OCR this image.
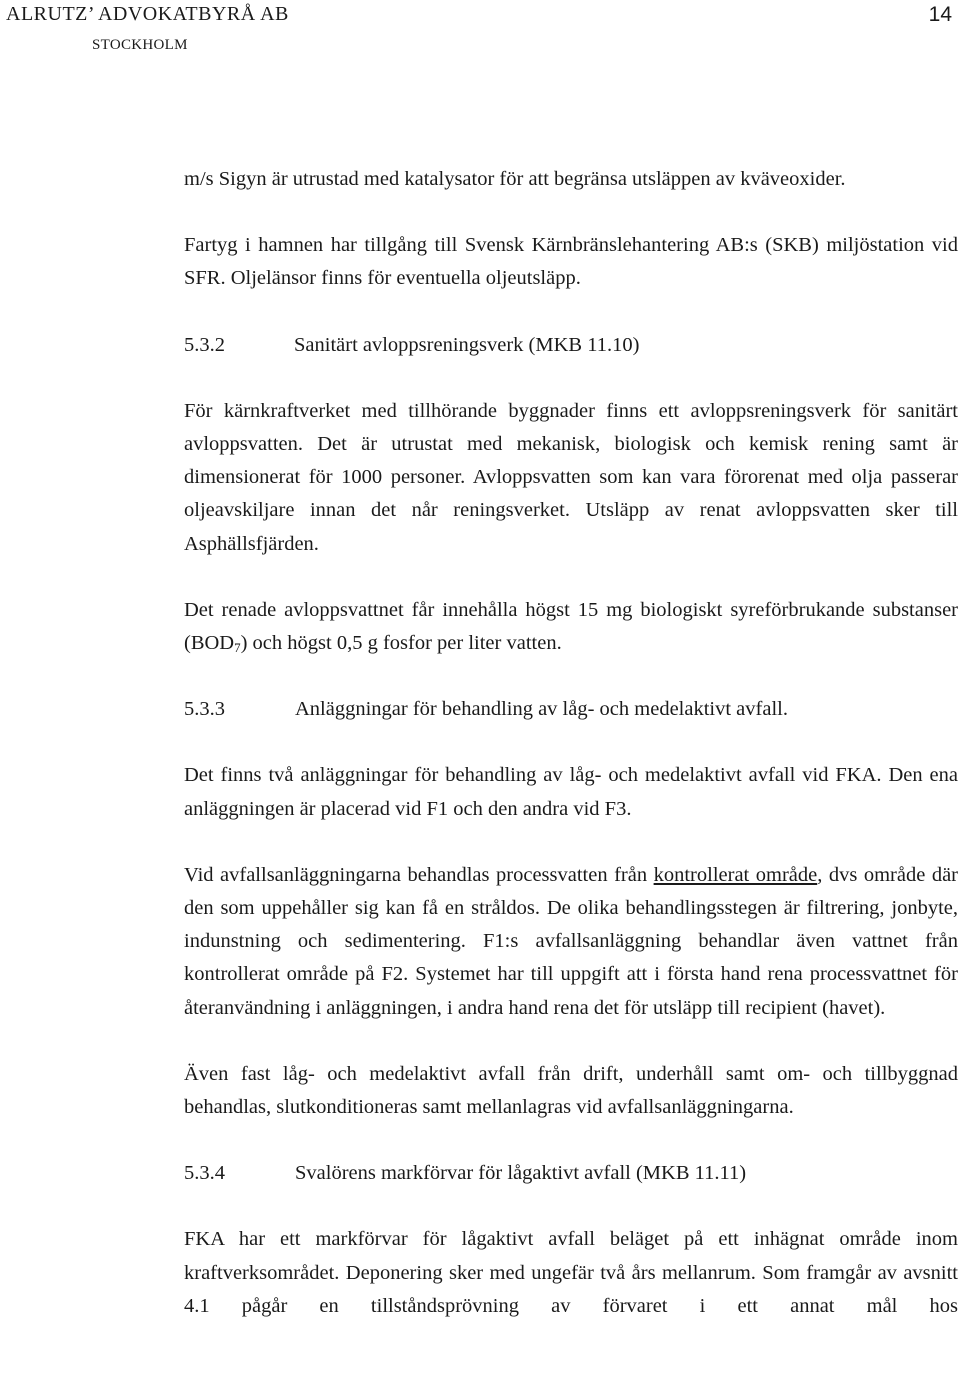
ALRUTZ’ ADVOKATBYRÅ AB
STOCKHOLM
14

m/s Sigyn är utrustad med katalysator för att begränsa utsläppen av kväveoxider.

Fartyg i hamnen har tillgång till Svensk Kärnbränslehantering AB:s (SKB) miljöstation vid SFR. Oljelänsor finns för eventuella oljeutsläpp.

5.3.2	Sanitärt avloppsreningsverk (MKB 11.10)

För kärnkraftverket med tillhörande byggnader finns ett avloppsreningsverk för sanitärt avloppsvatten. Det är utrustat med mekanisk, biologisk och kemisk rening samt är dimensionerat för 1000 personer. Avloppsvatten som kan vara förorenat med olja passerar oljeavskiljare innan det når reningsverket. Utsläpp av renat avloppsvatten sker till Asphällsfjärden.

Det renade avloppsvattnet får innehålla högst 15 mg biologiskt syreförbrukande substanser $(BOD_7)$ och högst 0,5 g fosfor per liter vatten.

5.3.3	Anläggningar för behandling av låg- och medelaktivt avfall.

Det finns två anläggningar för behandling av låg- och medelaktivt avfall vid FKA. Den ena anläggningen är placerad vid F1 och den andra vid F3.

Vid avfallsanläggningarna behandlas processvatten från kontrollerat område, dvs område där den som uppehåller sig kan få en stråldos. De olika behandlingsstegen är filtrering, jonbyte, indunstning och sedimentering. F1:s avfallsanläggning behandlar även vattnet från kontrollerat område på F2. Systemet har till uppgift att i första hand rena processvattnet för återanvändning i anläggningen, i andra hand rena det för utsläpp till recipient (havet).

Även fast låg- och medelaktivt avfall från drift, underhåll samt om- och tillbyggnad behandlas, slutkonditioneras samt mellanlagras vid avfallsanläggningarna.

5.3.4	Svalörens markförvar för lågaktivt avfall (MKB 11.11)

FKA har ett markförvar för lågaktivt avfall beläget på ett inhägnat område inom kraftverksområdet. Deponering sker med ungefär två års mellanrum. Som framgår av avsnitt 4.1 pågår en tillståndsprövning av förvaret i ett annat mål hos
